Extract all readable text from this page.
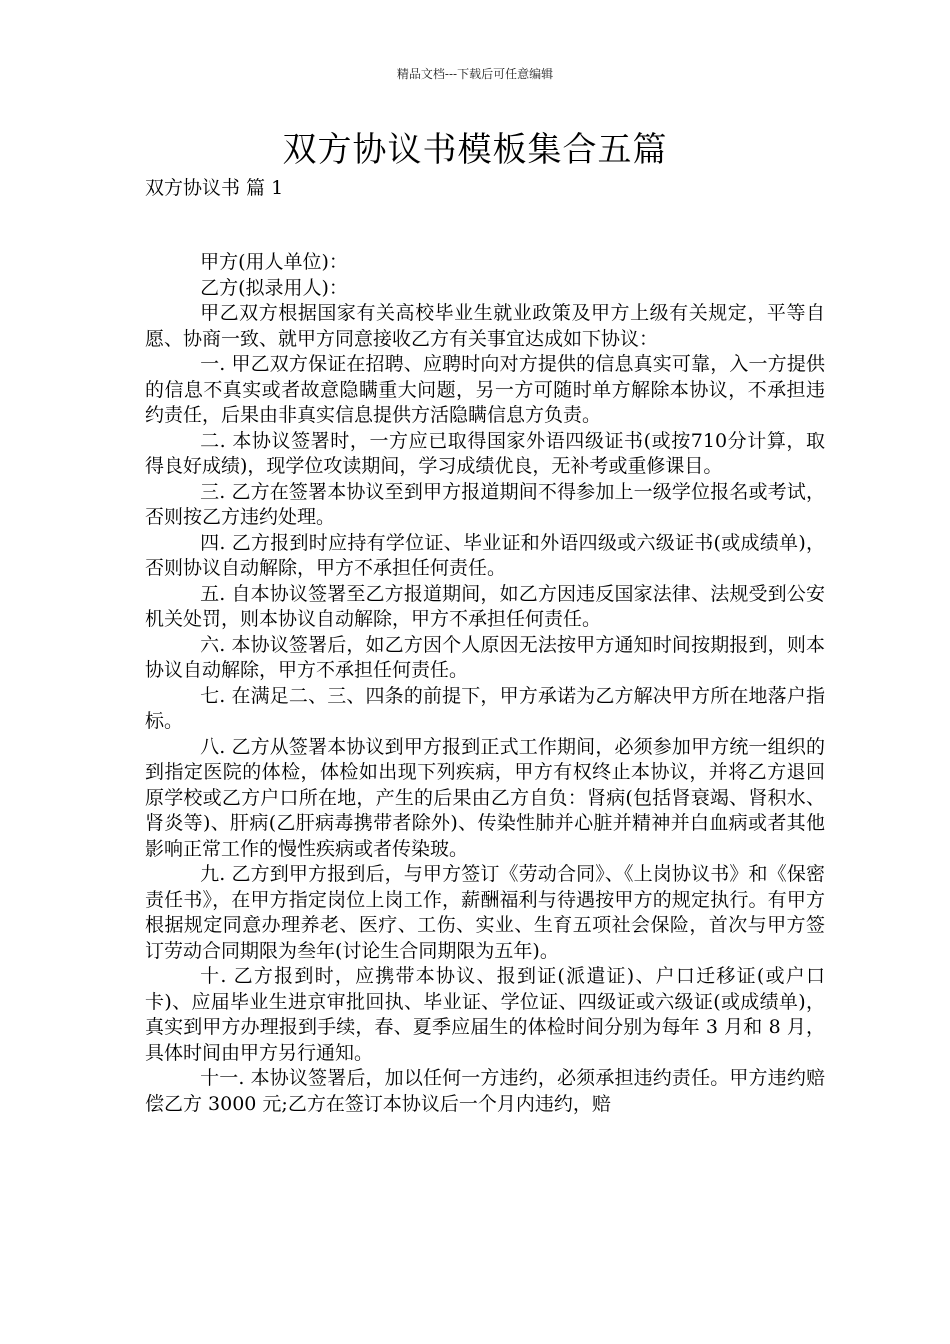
精品文档---下载后可任意编辑
双方协议书模板集合五篇
双方协议书 篇 1

甲方(用人单位)：

乙方(拟录用人)：

甲乙双方根据国家有关高校毕业生就业政策及甲方上级有关规定，平等自愿、协商一致、就甲方同意接收乙方有关事宜达成如下协议：

一. 甲乙双方保证在招聘、应聘时向对方提供的信息真实可靠，入一方提供的信息不真实或者故意隐瞒重大问题，另一方可随时单方解除本协议，不承担违约责任，后果由非真实信息提供方活隐瞒信息方负责。

二. 本协议签署时，一方应已取得国家外语四级证书(或按710分计算，取得良好成绩)，现学位攻读期间，学习成绩优良，无补考或重修课目。

三. 乙方在签署本协议至到甲方报道期间不得参加上一级学位报名或考试，否则按乙方违约处理。

四. 乙方报到时应持有学位证、毕业证和外语四级或六级证书(或成绩单)，否则协议自动解除，甲方不承担任何责任。

五. 自本协议签署至乙方报道期间，如乙方因违反国家法律、法规受到公安机关处罚，则本协议自动解除，甲方不承担任何责任。

六. 本协议签署后，如乙方因个人原因无法按甲方通知时间按期报到，则本协议自动解除，甲方不承担任何责任。

七. 在满足二、三、四条的前提下，甲方承诺为乙方解决甲方所在地落户指标。

八. 乙方从签署本协议到甲方报到正式工作期间，必须参加甲方统一组织的到指定医院的体检，体检如出现下列疾病，甲方有权终止本协议，并将乙方退回原学校或乙方户口所在地，产生的后果由乙方自负：肾病(包括肾衰竭、肾积水、肾炎等)、肝病(乙肝病毒携带者除外)、传染性肺并心脏并精神并白血病或者其他影响正常工作的慢性疾病或者传染玻。

九. 乙方到甲方报到后，与甲方签订《劳动合同》、《上岗协议书》和《保密责任书》，在甲方指定岗位上岗工作，薪酬福利与待遇按甲方的规定执行。有甲方根据规定同意办理养老、医疗、工伤、实业、生育五项社会保险，首次与甲方签订劳动合同期限为叁年(讨论生合同期限为五年)。

十. 乙方报到时，应携带本协议、报到证(派遣证)、户口迁移证(或户口卡)、应届毕业生进京审批回执、毕业证、学位证、四级证或六级证(或成绩单)，真实到甲方办理报到手续，春、夏季应届生的体检时间分别为每年 3 月和 8 月，具体时间由甲方另行通知。

十一. 本协议签署后，加以任何一方违约，必须承担违约责任。甲方违约赔偿乙方 3000 元;乙方在签订本协议后一个月内违约，赔
